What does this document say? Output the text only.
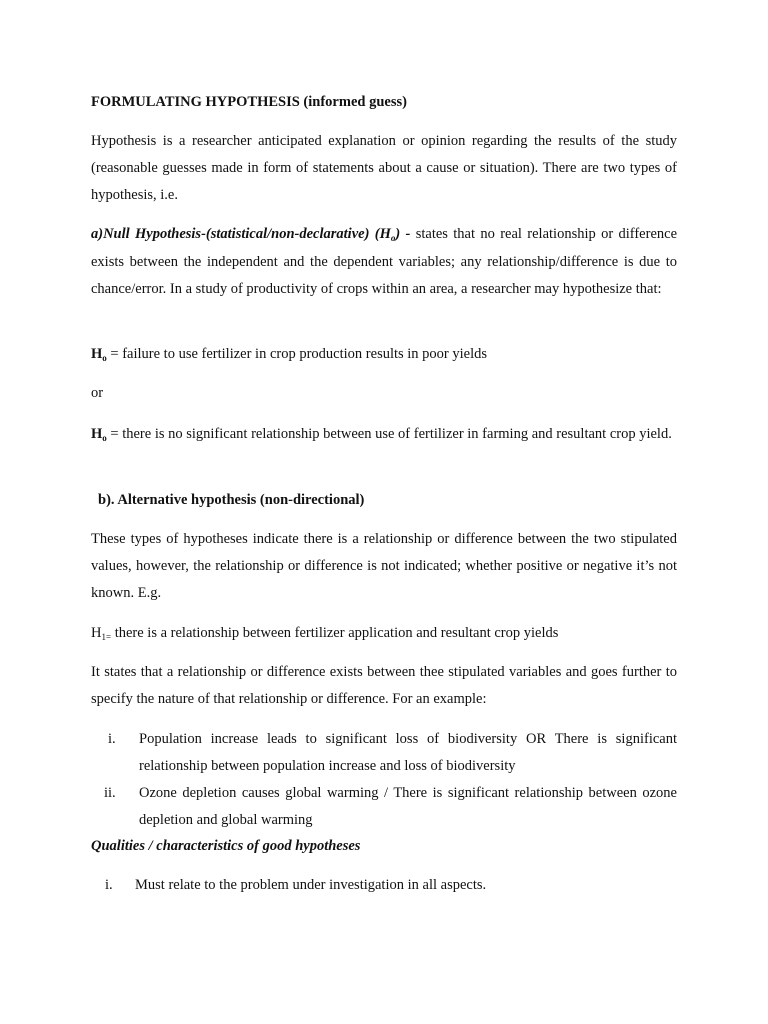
FORMULATING HYPOTHESIS (informed guess)
Hypothesis is a researcher anticipated explanation or opinion regarding the results of the study (reasonable guesses made in form of statements about a cause or situation). There are two types of hypothesis, i.e.
a)Null Hypothesis-(statistical/non-declarative) $(H_o)$ - states that no real relationship or difference exists between the independent and the dependent variables; any relationship/difference is due to chance/error. In a study of productivity of crops within an area, a researcher may hypothesize that:
$H_o$ = failure to use fertilizer in crop production results in poor yields
or
$H_o$ = there is no significant relationship between use of fertilizer in farming and resultant crop yield.
b). Alternative hypothesis (non-directional)
These types of hypotheses indicate there is a relationship or difference between the two stipulated values, however, the relationship or difference is not indicated; whether positive or negative it’s not known. E.g.
$H_{1=}$ there is a relationship between fertilizer application and resultant crop yields
It states that a relationship or difference exists between thee stipulated variables and goes further to specify the nature of that relationship or difference. For an example:
i. Population increase leads to significant loss of biodiversity OR There is significant relationship between population increase and loss of biodiversity
ii. Ozone depletion causes global warming / There is significant relationship between ozone depletion and global warming
Qualities / characteristics of good hypotheses
i. Must relate to the problem under investigation in all aspects.
